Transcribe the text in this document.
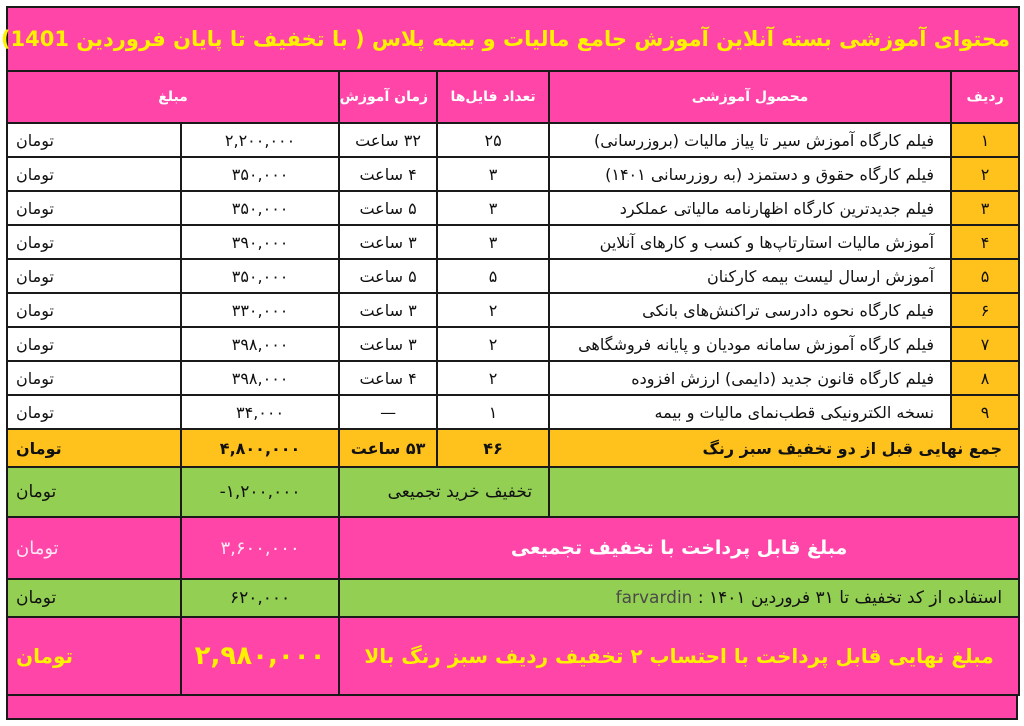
محتوای آموزشی بسته آنلاین آموزش جامع مالیات و بیمه پلاس ( با تخفیف تا پایان فروردین 1401)					
ردیف	محصول آموزشی	تعداد فایل‌ها	زمان آموزش	مبلغ	
۱	فیلم کارگاه آموزش سیر تا پیاز مالیات (بروزرسانی)	۲۵	۳۲ ساعت	۲,۲۰۰,۰۰۰	تومان
۲	فیلم کارگاه حقوق و دستمزد (به روزرسانی ۱۴۰۱)	۳	۴ ساعت	۳۵۰,۰۰۰	تومان
۳	فیلم جدیدترین کارگاه اظهارنامه مالیاتی عملکرد	۳	۵ ساعت	۳۵۰,۰۰۰	تومان
۴	آموزش مالیات استارتاپ‌ها و کسب و کارهای آنلاین	۳	۳ ساعت	۳۹۰,۰۰۰	تومان
۵	آموزش ارسال لیست بیمه کارکنان	۵	۵ ساعت	۳۵۰,۰۰۰	تومان
۶	فیلم کارگاه نحوه دادرسی تراکنش‌های بانکی	۲	۳ ساعت	۳۳۰,۰۰۰	تومان
۷	فیلم کارگاه آموزش سامانه مودیان و پایانه فروشگاهی	۲	۳ ساعت	۳۹۸,۰۰۰	تومان
۸	فیلم کارگاه قانون جدید (دایمی) ارزش افزوده	۲	۴ ساعت	۳۹۸,۰۰۰	تومان
۹	نسخه الکترونیکی قطب‌نمای مالیات و بیمه	۱	—	۳۴,۰۰۰	تومان
جمع نهایی قبل از دو تخفیف سبز رنگ		۴۶	۵۳ ساعت	۴,۸۰۰,۰۰۰	تومان
		تخفیف خرید تجمیعی		-۱,۲۰۰,۰۰۰	تومان
مبلغ قابل پرداخت با تخفیف تجمیعی				۳,۶۰۰,۰۰۰	تومان
استفاده از کد تخفیف تا ۳۱ فروردین ۱۴۰۱ : farvardin				۶۲۰,۰۰۰	تومان
مبلغ نهایی قابل پرداخت با احتساب ۲ تخفیف ردیف سبز رنگ بالا				۲,۹۸۰,۰۰۰	تومان
